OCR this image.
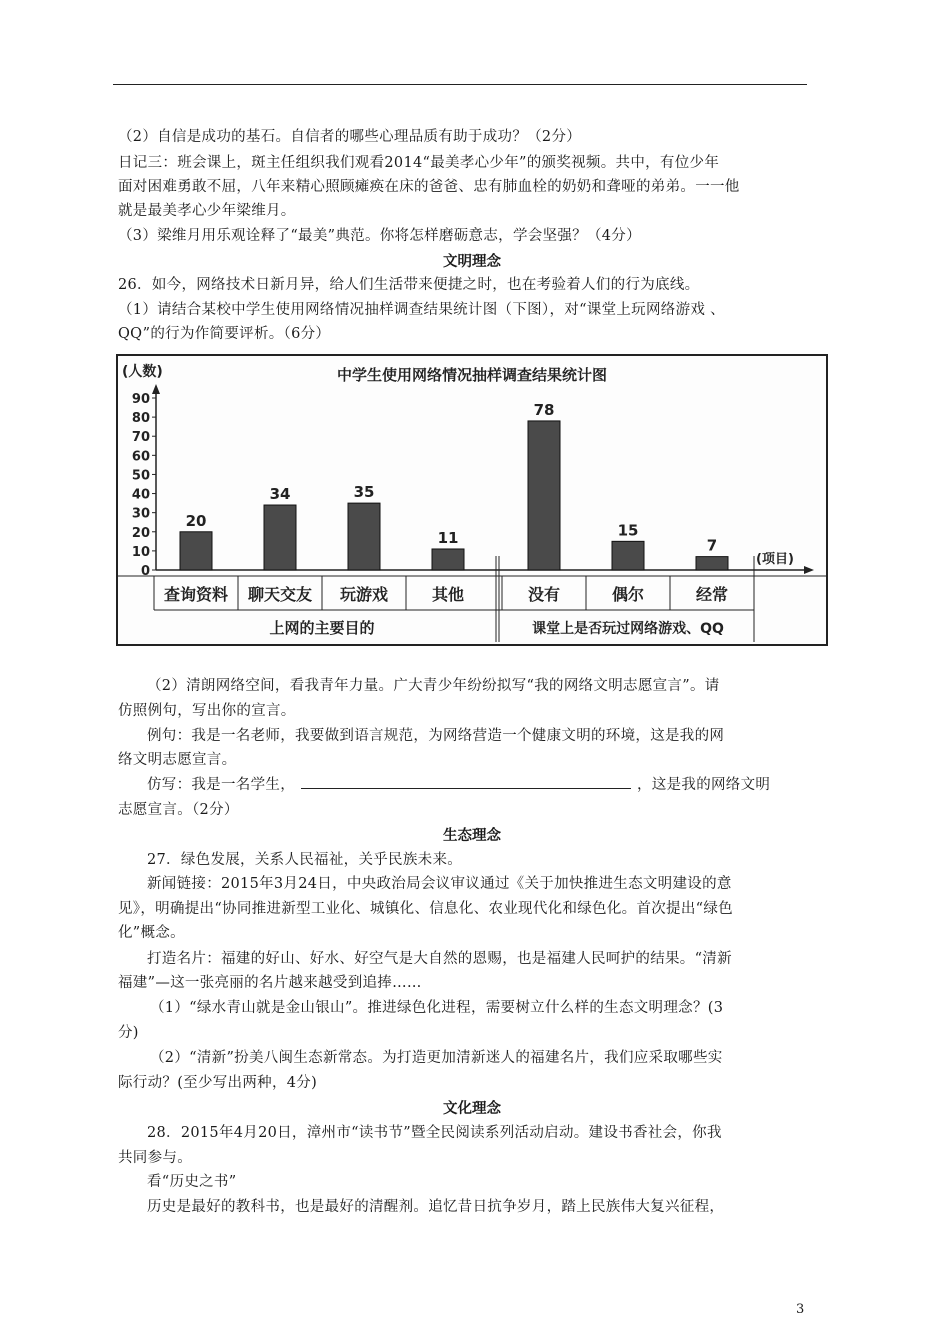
（2）自信是成功的基石。自信者的哪些心理品质有助于成功？（2分）
日记三：班会课上，斑主任组织我们观看2014“最美孝心少年”的颁奖视频。共中，有位少年
面对困难勇敢不屈，八年来精心照顾瘫痪在床的爸爸、忠有肺血栓的奶奶和聋哑的弟弟。一一他
就是最美孝心少年梁维月。
（3）梁维月用乐观诠释了“最美”典范。你将怎样磨砺意志，学会坚强？（4分）
文明理念
26．如今，网络技术日新月异，给人们生活带来便捷之时，也在考验着人们的行为底线。
（1）请结合某校中学生使用网络情况抽样调查结果统计图（下图），对“课堂上玩网络游戏 、
QQ”的行为作简要评析。（6分）
中学生使用网络情况抽样调查结果统计图
(人数)
0
10
20
30
40
50
60
70
80
90
(项目)
20
查询资料
34
聊天交友
35
玩游戏
11
其他
78
没有
15
偶尔
7
经常
上网的主要目的	课堂上是否玩过网络游戏、QQ
（2）清朗网络空间，看我青年力量。广大青少年纷纷拟写“我的网络文明志愿宣言”。请
仿照例句，写出你的宣言。
例句：我是一名老师，我要做到语言规范，为网络营造一个健康文明的环境，这是我的网
络文明志愿宣言。
仿写：我是一名学生，	，这是我的网络文明
志愿宣言。（2分）
生态理念
27．绿色发展，关系人民福祉，关乎民族未来。
新闻链接：2015年3月24日，中央政治局会议审议通过《关于加快推进生态文明建设的意
见》，明确提出“协同推进新型工业化、城镇化、信息化、农业现代化和绿色化。首次提出“绿色
化”概念。
打造名片：福建的好山、好水、好空气是大自然的恩赐，也是福建人民呵护的结果。“清新
福建”—这一张亮丽的名片越来越受到追捧……
（1）“绿水青山就是金山银山”。推进绿色化进程，需要树立什么样的生态文明理念？(3
分)
（2）“清新”扮美八闽生态新常态。为打造更加清新迷人的福建名片，我们应采取哪些实
际行动？(至少写出两种，4分)
文化理念
28．2015年4月20日，漳州市“读书节”暨全民阅读系列活动启动。建设书香社会，你我
共同参与。
看“历史之书”
历史是最好的教科书，也是最好的清醒剂。追忆昔日抗争岁月，踏上民族伟大复兴征程，
3
